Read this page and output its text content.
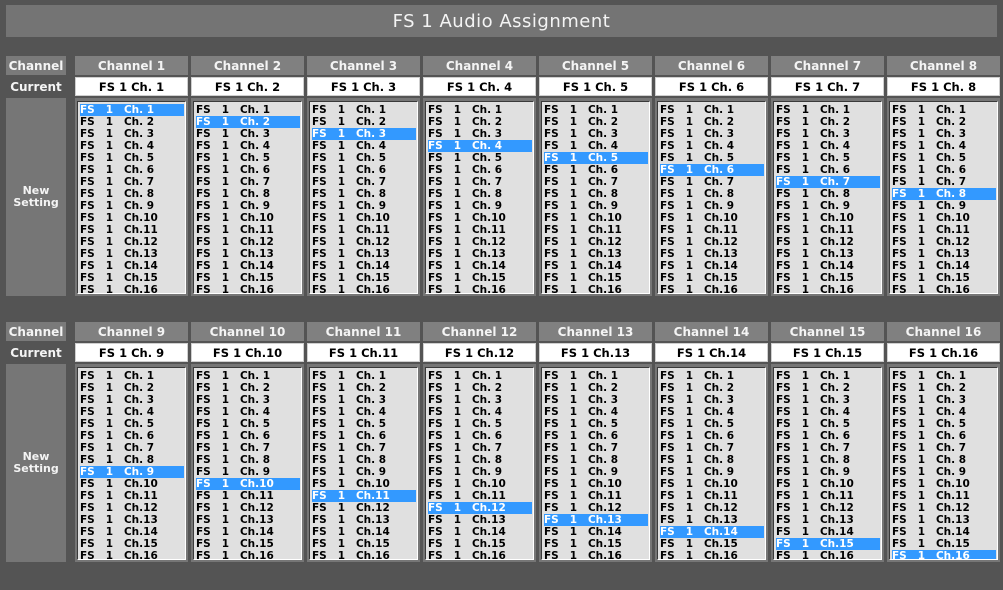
FS 1 Audio Assignment
Channel
Current
New
Setting
Channel 1
FS 1 Ch. 1
FS   1   Ch. 1
FS   1   Ch. 2
FS   1   Ch. 3
FS   1   Ch. 4
FS   1   Ch. 5
FS   1   Ch. 6
FS   1   Ch. 7
FS   1   Ch. 8
FS   1   Ch. 9
FS   1   Ch.10
FS   1   Ch.11
FS   1   Ch.12
FS   1   Ch.13
FS   1   Ch.14
FS   1   Ch.15
FS   1   Ch.16
Channel 2
FS 1 Ch. 2
FS   1   Ch. 1
FS   1   Ch. 2
FS   1   Ch. 3
FS   1   Ch. 4
FS   1   Ch. 5
FS   1   Ch. 6
FS   1   Ch. 7
FS   1   Ch. 8
FS   1   Ch. 9
FS   1   Ch.10
FS   1   Ch.11
FS   1   Ch.12
FS   1   Ch.13
FS   1   Ch.14
FS   1   Ch.15
FS   1   Ch.16
Channel 3
FS 1 Ch. 3
FS   1   Ch. 1
FS   1   Ch. 2
FS   1   Ch. 3
FS   1   Ch. 4
FS   1   Ch. 5
FS   1   Ch. 6
FS   1   Ch. 7
FS   1   Ch. 8
FS   1   Ch. 9
FS   1   Ch.10
FS   1   Ch.11
FS   1   Ch.12
FS   1   Ch.13
FS   1   Ch.14
FS   1   Ch.15
FS   1   Ch.16
Channel 4
FS 1 Ch. 4
FS   1   Ch. 1
FS   1   Ch. 2
FS   1   Ch. 3
FS   1   Ch. 4
FS   1   Ch. 5
FS   1   Ch. 6
FS   1   Ch. 7
FS   1   Ch. 8
FS   1   Ch. 9
FS   1   Ch.10
FS   1   Ch.11
FS   1   Ch.12
FS   1   Ch.13
FS   1   Ch.14
FS   1   Ch.15
FS   1   Ch.16
Channel 5
FS 1 Ch. 5
FS   1   Ch. 1
FS   1   Ch. 2
FS   1   Ch. 3
FS   1   Ch. 4
FS   1   Ch. 5
FS   1   Ch. 6
FS   1   Ch. 7
FS   1   Ch. 8
FS   1   Ch. 9
FS   1   Ch.10
FS   1   Ch.11
FS   1   Ch.12
FS   1   Ch.13
FS   1   Ch.14
FS   1   Ch.15
FS   1   Ch.16
Channel 6
FS 1 Ch. 6
FS   1   Ch. 1
FS   1   Ch. 2
FS   1   Ch. 3
FS   1   Ch. 4
FS   1   Ch. 5
FS   1   Ch. 6
FS   1   Ch. 7
FS   1   Ch. 8
FS   1   Ch. 9
FS   1   Ch.10
FS   1   Ch.11
FS   1   Ch.12
FS   1   Ch.13
FS   1   Ch.14
FS   1   Ch.15
FS   1   Ch.16
Channel 7
FS 1 Ch. 7
FS   1   Ch. 1
FS   1   Ch. 2
FS   1   Ch. 3
FS   1   Ch. 4
FS   1   Ch. 5
FS   1   Ch. 6
FS   1   Ch. 7
FS   1   Ch. 8
FS   1   Ch. 9
FS   1   Ch.10
FS   1   Ch.11
FS   1   Ch.12
FS   1   Ch.13
FS   1   Ch.14
FS   1   Ch.15
FS   1   Ch.16
Channel 8
FS 1 Ch. 8
FS   1   Ch. 1
FS   1   Ch. 2
FS   1   Ch. 3
FS   1   Ch. 4
FS   1   Ch. 5
FS   1   Ch. 6
FS   1   Ch. 7
FS   1   Ch. 8
FS   1   Ch. 9
FS   1   Ch.10
FS   1   Ch.11
FS   1   Ch.12
FS   1   Ch.13
FS   1   Ch.14
FS   1   Ch.15
FS   1   Ch.16
Channel
Current
New
Setting
Channel 9
FS 1 Ch. 9
FS   1   Ch. 1
FS   1   Ch. 2
FS   1   Ch. 3
FS   1   Ch. 4
FS   1   Ch. 5
FS   1   Ch. 6
FS   1   Ch. 7
FS   1   Ch. 8
FS   1   Ch. 9
FS   1   Ch.10
FS   1   Ch.11
FS   1   Ch.12
FS   1   Ch.13
FS   1   Ch.14
FS   1   Ch.15
FS   1   Ch.16
Channel 10
FS 1 Ch.10
FS   1   Ch. 1
FS   1   Ch. 2
FS   1   Ch. 3
FS   1   Ch. 4
FS   1   Ch. 5
FS   1   Ch. 6
FS   1   Ch. 7
FS   1   Ch. 8
FS   1   Ch. 9
FS   1   Ch.10
FS   1   Ch.11
FS   1   Ch.12
FS   1   Ch.13
FS   1   Ch.14
FS   1   Ch.15
FS   1   Ch.16
Channel 11
FS 1 Ch.11
FS   1   Ch. 1
FS   1   Ch. 2
FS   1   Ch. 3
FS   1   Ch. 4
FS   1   Ch. 5
FS   1   Ch. 6
FS   1   Ch. 7
FS   1   Ch. 8
FS   1   Ch. 9
FS   1   Ch.10
FS   1   Ch.11
FS   1   Ch.12
FS   1   Ch.13
FS   1   Ch.14
FS   1   Ch.15
FS   1   Ch.16
Channel 12
FS 1 Ch.12
FS   1   Ch. 1
FS   1   Ch. 2
FS   1   Ch. 3
FS   1   Ch. 4
FS   1   Ch. 5
FS   1   Ch. 6
FS   1   Ch. 7
FS   1   Ch. 8
FS   1   Ch. 9
FS   1   Ch.10
FS   1   Ch.11
FS   1   Ch.12
FS   1   Ch.13
FS   1   Ch.14
FS   1   Ch.15
FS   1   Ch.16
Channel 13
FS 1 Ch.13
FS   1   Ch. 1
FS   1   Ch. 2
FS   1   Ch. 3
FS   1   Ch. 4
FS   1   Ch. 5
FS   1   Ch. 6
FS   1   Ch. 7
FS   1   Ch. 8
FS   1   Ch. 9
FS   1   Ch.10
FS   1   Ch.11
FS   1   Ch.12
FS   1   Ch.13
FS   1   Ch.14
FS   1   Ch.15
FS   1   Ch.16
Channel 14
FS 1 Ch.14
FS   1   Ch. 1
FS   1   Ch. 2
FS   1   Ch. 3
FS   1   Ch. 4
FS   1   Ch. 5
FS   1   Ch. 6
FS   1   Ch. 7
FS   1   Ch. 8
FS   1   Ch. 9
FS   1   Ch.10
FS   1   Ch.11
FS   1   Ch.12
FS   1   Ch.13
FS   1   Ch.14
FS   1   Ch.15
FS   1   Ch.16
Channel 15
FS 1 Ch.15
FS   1   Ch. 1
FS   1   Ch. 2
FS   1   Ch. 3
FS   1   Ch. 4
FS   1   Ch. 5
FS   1   Ch. 6
FS   1   Ch. 7
FS   1   Ch. 8
FS   1   Ch. 9
FS   1   Ch.10
FS   1   Ch.11
FS   1   Ch.12
FS   1   Ch.13
FS   1   Ch.14
FS   1   Ch.15
FS   1   Ch.16
Channel 16
FS 1 Ch.16
FS   1   Ch. 1
FS   1   Ch. 2
FS   1   Ch. 3
FS   1   Ch. 4
FS   1   Ch. 5
FS   1   Ch. 6
FS   1   Ch. 7
FS   1   Ch. 8
FS   1   Ch. 9
FS   1   Ch.10
FS   1   Ch.11
FS   1   Ch.12
FS   1   Ch.13
FS   1   Ch.14
FS   1   Ch.15
FS   1   Ch.16
